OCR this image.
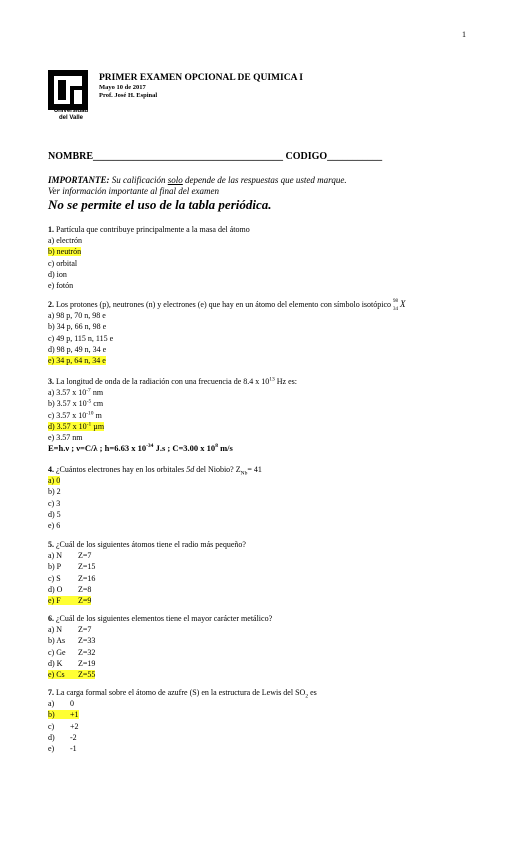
1
Universidad
del Valle
PRIMER EXAMEN OPCIONAL DE QUIMICA I
Mayo 10 de 2017
Prof. José H. Espinal
NOMBRE______________________________________ CODIGO___________
IMPORTANTE: Su calificación solo depende de las respuestas que usted marque.
Ver información importante al final del examen
No se permite el uso de la tabla periódica.
1. Partícula que contribuye principalmente a la masa del átomo
a) electrón
b) neutrón
c) orbital
d) ion
e) fotón
2. Los protones (p), neutrones (n) y electrones (e) que hay en un átomo del elemento con símbolo isotópico 98
34
X
a) 98 p, 70 n, 98 e
b) 34 p, 66 n, 98 e
c) 49 p, 115 n, 115 e
d) 98 p, 49 n, 34 e
e) 34 p, 64 n, 34 e
3. La longitud de onda de la radiación con una frecuencia de 8.4 x $10^{13}$ Hz es:
a) 3.57 x $10^{-7}$ nm
b) 3.57 x $10^{-5}$ cm
c) 3.57 x $10^{-10}$ m
d) 3.57 x $10^{-1}$ µm
e) 3.57 nm
E=h.ν ; ν=C/λ ; h=6.63 x $10^{-34}$ J.s ; C=3.00 x $10^8$ m/s
4. ¿Cuántos electrones hay en los orbitales 5d del Niobio? $Z_{Nb}= 41$
a) 0
b) 2
c) 3
d) 5
e) 6
5. ¿Cuál de los siguientes átomos tiene el radio más pequeño?
a) N Z=7
b) P Z=15
c) S Z=16
d) O Z=8
e) F Z=9
6. ¿Cuál de los siguientes elementos tiene el mayor carácter metálico?
a) N Z=7
b) As Z=33
c) Ge Z=32
d) K Z=19
e) Cs Z=55
7. La carga formal sobre el átomo de azufre (S) en la estructura de Lewis del $SO_2$ es
a) 0
b) +1
c) +2
d) -2
e) -1
